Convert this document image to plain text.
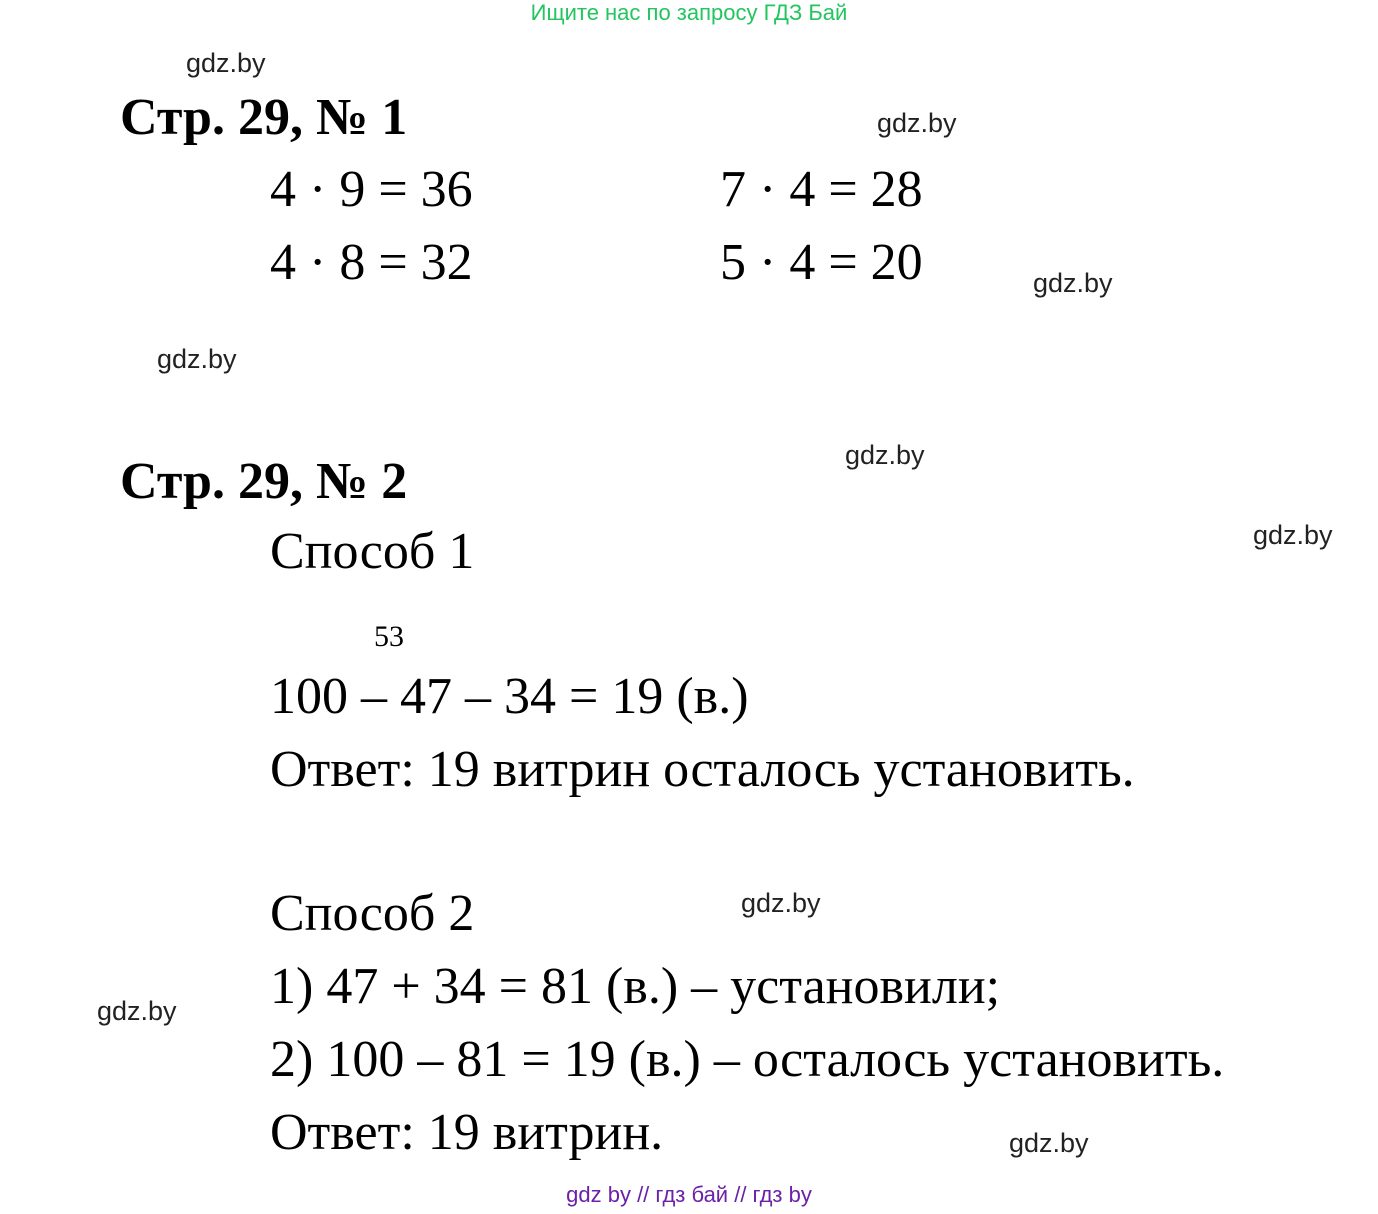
Ищите нас по запросу ГДЗ Бай
gdz.by
gdz.by
gdz.by
gdz.by
gdz.by
gdz.by
gdz.by
gdz.by
gdz.by
Стр. 29, № 1
4 · 9 = 36
4 · 8 = 32
7 · 4 = 28
5 · 4 = 20
Стр. 29, № 2
Способ 1
53
100 – 47 – 34 = 19 (в.)
Ответ: 19 витрин осталось установить.
Способ 2
1) 47 + 34 = 81 (в.) – установили;
2) 100 – 81 = 19 (в.) – осталось установить.
Ответ: 19 витрин.
gdz by // гдз бай // гдз by
